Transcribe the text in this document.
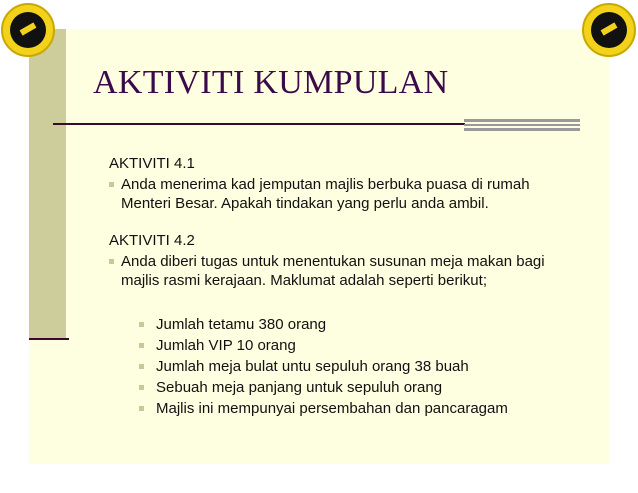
AKTIVITI KUMPULAN
AKTIVITI 4.1
Anda menerima kad jemputan majlis berbuka puasa di rumah Menteri Besar. Apakah tindakan yang perlu anda ambil.
AKTIVITI 4.2
Anda diberi tugas untuk menentukan susunan meja makan bagi majlis rasmi kerajaan. Maklumat adalah seperti berikut;
Jumlah tetamu 380 orang
Jumlah VIP 10 orang
Jumlah meja bulat untu sepuluh orang 38 buah
Sebuah meja panjang untuk sepuluh orang
Majlis ini mempunyai persembahan dan pancaragam
